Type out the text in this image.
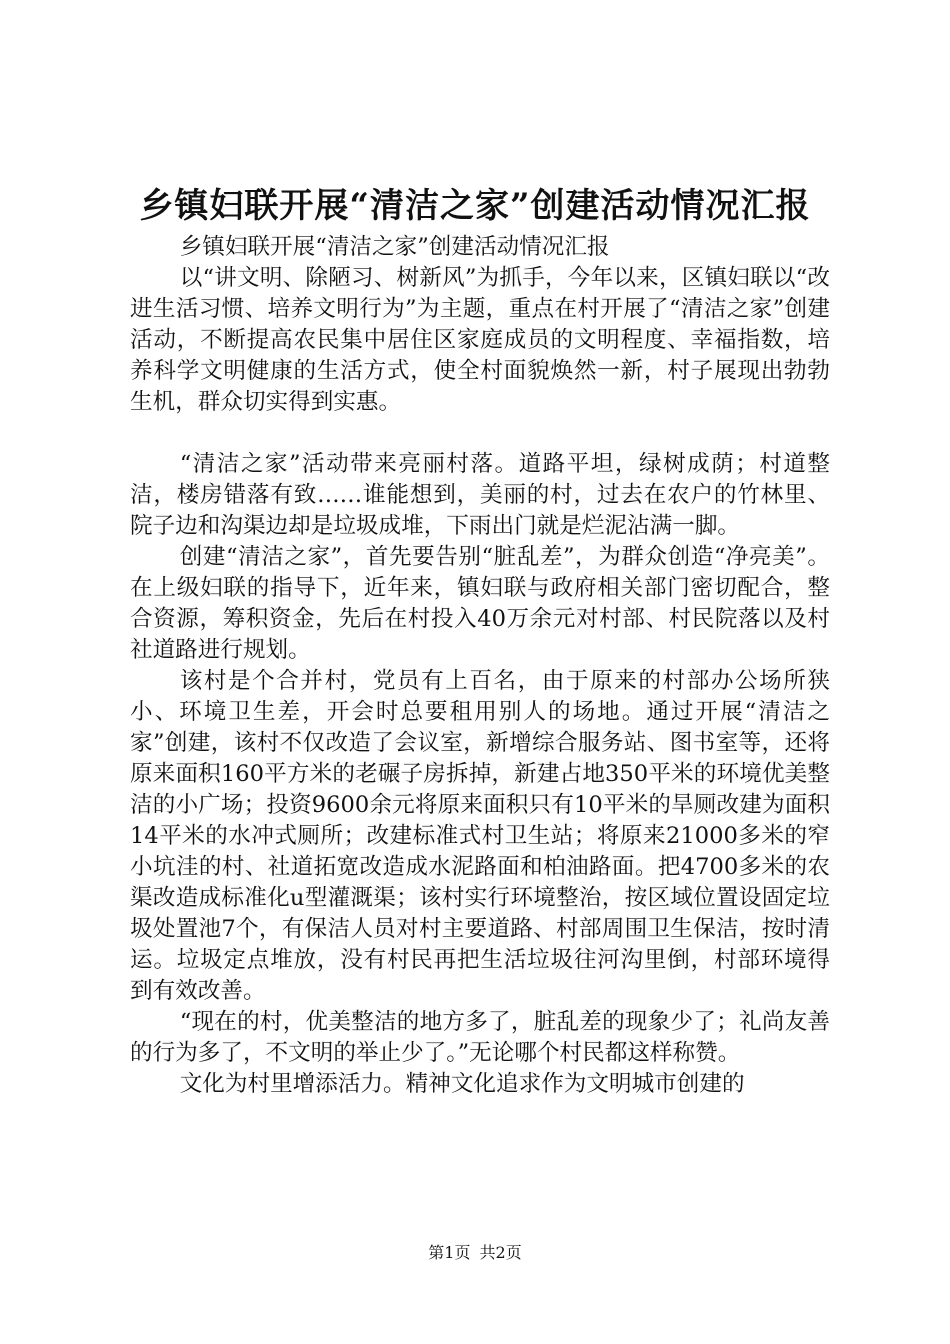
乡镇妇联开展“清洁之家”创建活动情况汇报

乡镇妇联开展“清洁之家”创建活动情况汇报

以“讲文明、除陋习、树新风”为抓手，今年以来，区镇妇联以“改进生活习惯、培养文明行为”为主题，重点在村开展了“清洁之家”创建活动，不断提高农民集中居住区家庭成员的文明程度、幸福指数，培养科学文明健康的生活方式，使全村面貌焕然一新，村子展现出勃勃生机，群众切实得到实惠。

“清洁之家”活动带来亮丽村落。道路平坦，绿树成荫；村道整洁，楼房错落有致……谁能想到，美丽的村，过去在农户的竹林里、院子边和沟渠边却是垃圾成堆，下雨出门就是烂泥沾满一脚。

创建“清洁之家”，首先要告别“脏乱差”，为群众创造“净亮美”。在上级妇联的指导下，近年来，镇妇联与政府相关部门密切配合，整合资源，筹积资金，先后在村投入40万余元对村部、村民院落以及村社道路进行规划。

该村是个合并村，党员有上百名，由于原来的村部办公场所狭小、环境卫生差，开会时总要租用别人的场地。通过开展“清洁之家”创建，该村不仅改造了会议室，新增综合服务站、图书室等，还将原来面积160平方米的老碾子房拆掉，新建占地350平米的环境优美整洁的小广场；投资9600余元将原来面积只有10平米的旱厕改建为面积14平米的水冲式厕所；改建标准式村卫生站；将原来21000多米的窄小坑洼的村、社道拓宽改造成水泥路面和柏油路面。把4700多米的农渠改造成标准化u型灌溉渠；该村实行环境整治，按区域位置设固定垃圾处置池7个，有保洁人员对村主要道路、村部周围卫生保洁，按时清运。垃圾定点堆放，没有村民再把生活垃圾往河沟里倒，村部环境得到有效改善。

“现在的村，优美整洁的地方多了，脏乱差的现象少了；礼尚友善的行为多了，不文明的举止少了。”无论哪个村民都这样称赞。

文化为村里增添活力。精神文化追求作为文明城市创建的

第1页 共2页
